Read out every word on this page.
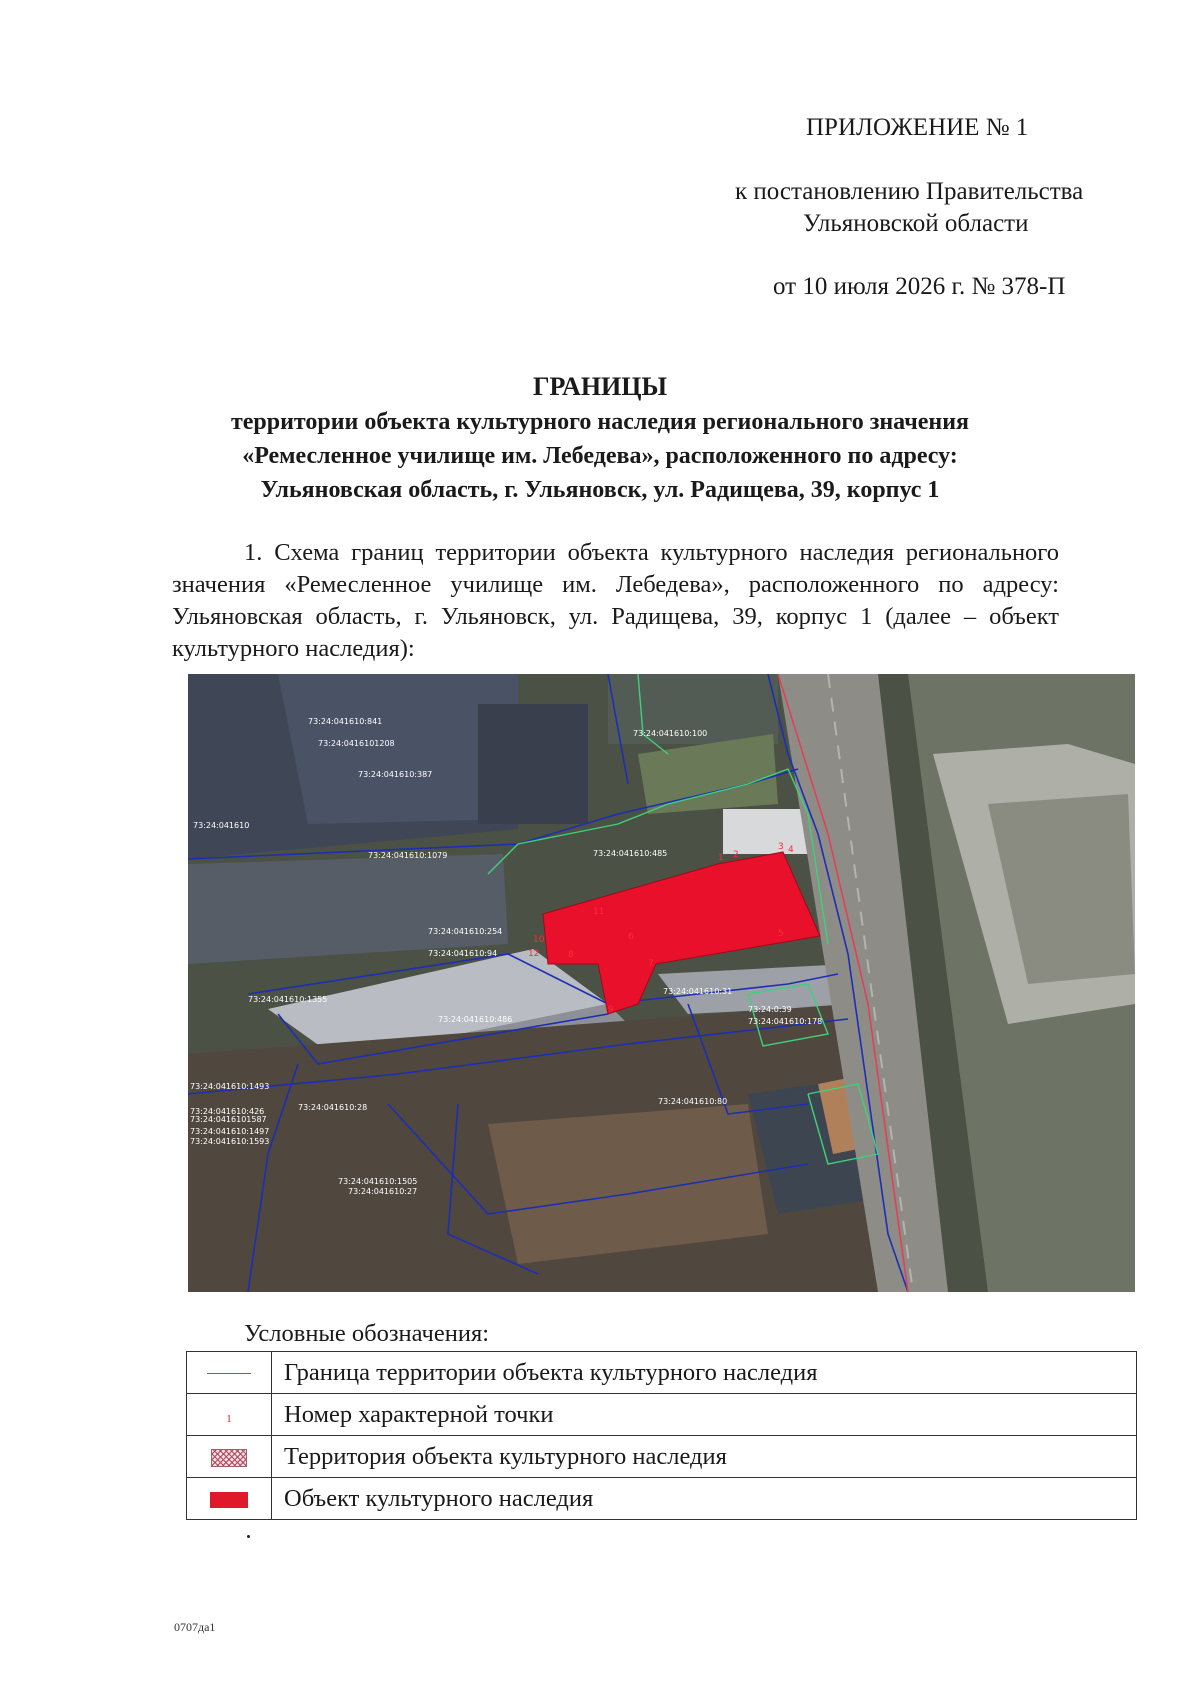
ПРИЛОЖЕНИЕ № 1
к постановлению Правительства
Ульяновской области
от 10 июля 2026 г. № 378-П
ГРАНИЦЫ
территории объекта культурного наследия регионального значения
«Ремесленное училище им. Лебедева», расположенного по адресу:
Ульяновская область, г. Ульяновск, ул. Радищева, 39, корпус 1
1. Схема границ территории объекта культурного наследия регионального
значения «Ремесленное училище им. Лебедева», расположенного по адресу:
Ульяновская область, г. Ульяновск, ул. Радищева, 39, корпус 1 (далее – объект
культурного наследия):
73:24:041610:841
73:24:0416101208
73:24:041610:387
73:24:041610:100
73:24:041610
73:24:041610:1079	73:24:041610:485
73:24:041610:254
73:24:041610:94
73:24:041610:1355
73:24:041610:31
73:24:041610:486
73:24:0:39
73:24:041610:178
73:24:041610:28
73:24:041610:80
73:24:041610:1497
73:24:041610:1505
73:24:041610:27
73:24:0416101587
73:24:041610:1593
73:24:041610:1493
73:24:041610:426
1 2
3 4
5
6
7
8
9
10
11
12
Условные обозначения:
	Граница территории объекта культурного наследия
1	Номер характерной точки
	Территория объекта культурного наследия
	Объект культурного наследия
0707да1
